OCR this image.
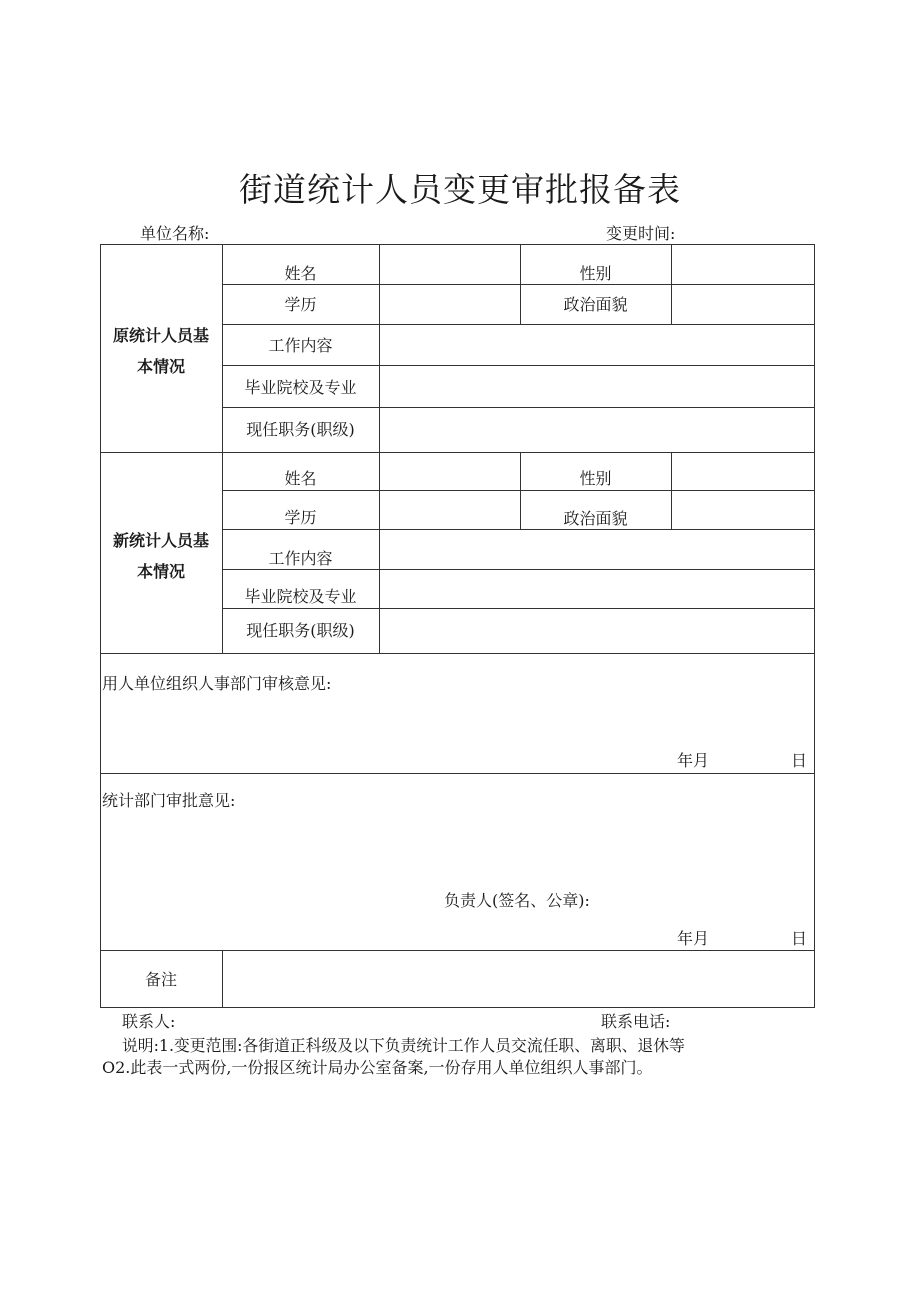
街道统计人员变更审批报备表
单位名称:	变更时间:
原统计人员基
本情况
姓名	性别
学历	政治面貌
工作内容
毕业院校及专业
现任职务(职级)
新统计人员基
本情况
姓名	性别
学历	政治面貌
工作内容
毕业院校及专业
现任职务(职级)
用人单位组织人事部门审核意见:
年月	日
统计部门审批意见:
负责人(签名、公章):
年月	日
备注
联系人:	联系电话:
说明:1.变更范围:各街道正科级及以下负责统计工作人员交流任职、离职、退休等
O2.此表一式两份,一份报区统计局办公室备案,一份存用人单位组织人事部门。
